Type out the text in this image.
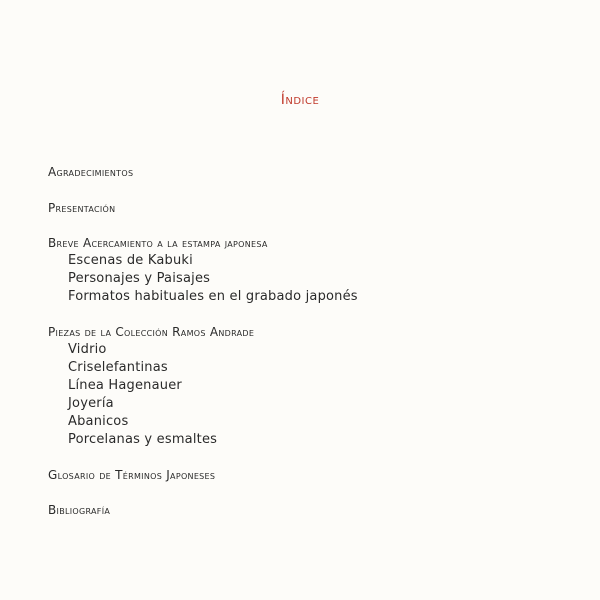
Índice
Agradecimientos
Presentación
Breve Acercamiento a la estampa japonesa
Escenas de Kabuki
Personajes y Paisajes
Formatos habituales en el grabado japonés
Piezas de la Colección Ramos Andrade
Vidrio
Criselefantinas
Línea Hagenauer
Joyería
Abanicos
Porcelanas y esmaltes
Glosario de Términos Japoneses
Bibliografía
